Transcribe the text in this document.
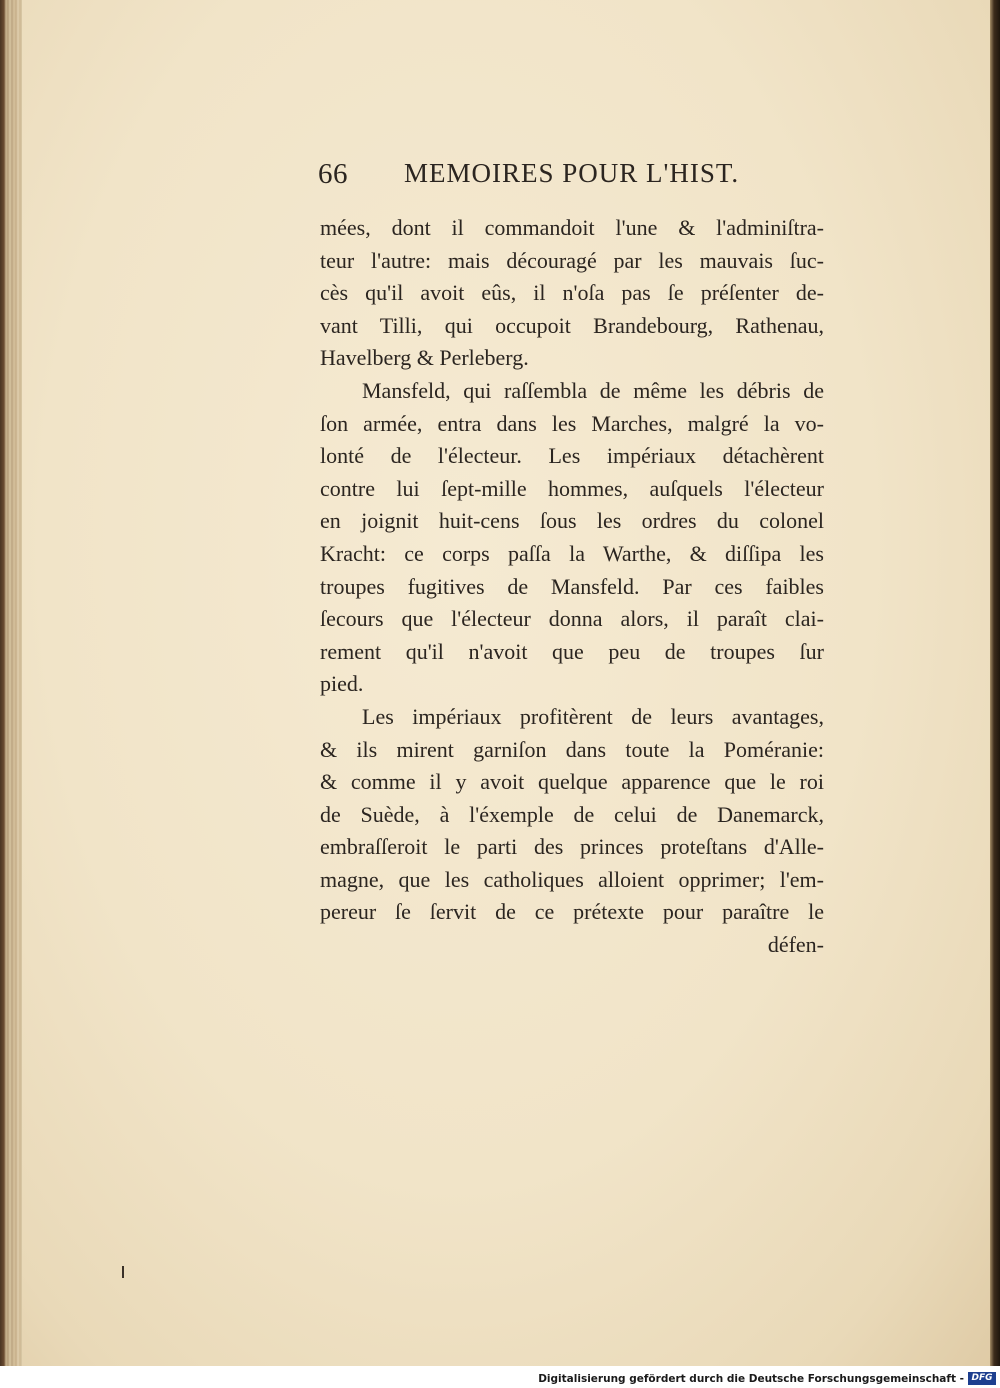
66 MEMOIRES POUR L'HIST.
mées, dont il commandoit l'une & l'adminiſtra-
teur l'autre: mais découragé par les mauvais ſuc-
cès qu'il avoit eûs, il n'oſa pas ſe préſenter de-
vant Tilli, qui occupoit Brandebourg, Rathenau,
Havelberg & Perleberg.
Mansfeld, qui raſſembla de même les débris de
ſon armée, entra dans les Marches, malgré la vo-
lonté de l'électeur. Les impériaux détachèrent
contre lui ſept-mille hommes, auſquels l'électeur
en joignit huit-cens ſous les ordres du colonel
Kracht: ce corps paſſa la Warthe, & diſſipa les
troupes fugitives de Mansfeld. Par ces faibles
ſecours que l'électeur donna alors, il paraît clai-
rement qu'il n'avoit que peu de troupes ſur
pied.
Les impériaux profitèrent de leurs avantages,
& ils mirent garniſon dans toute la Poméranie:
& comme il y avoit quelque apparence que le roi
de Suède, à l'éxemple de celui de Danemarck,
embraſſeroit le parti des princes proteſtans d'Alle-
magne, que les catholiques alloient opprimer; l'em-
pereur ſe ſervit de ce prétexte pour paraître le
défen-
Digitalisierung gefördert durch die Deutsche Forschungsgemeinschaft - DFG
